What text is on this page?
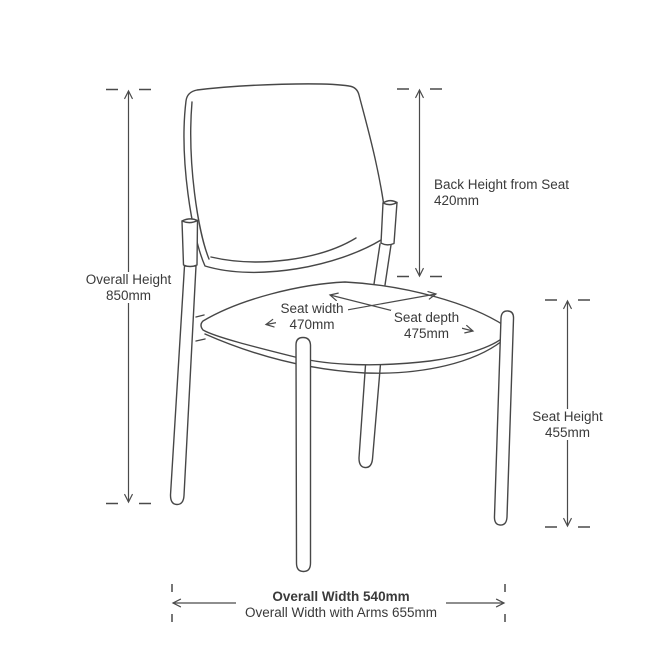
Overall Height
850mm
Back Height from Seat
420mm
Seat width
470mm	Seat depth
475mm
Seat Height
455mm
Overall Width 540mm
Overall Width with Arms 655mm
